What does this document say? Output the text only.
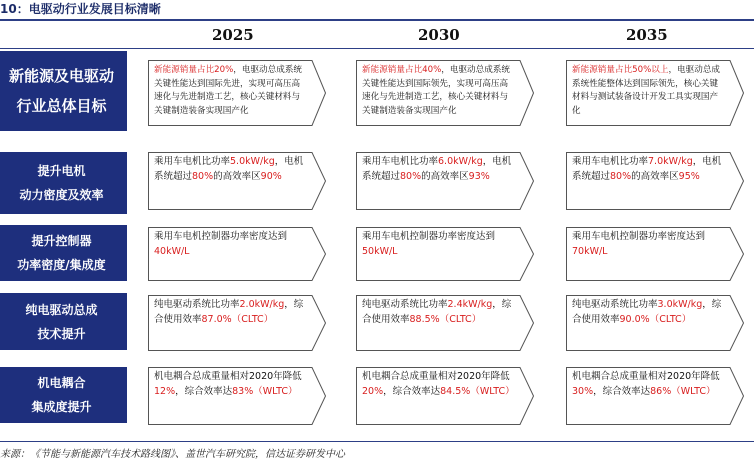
10：电驱动行业发展目标清晰
2025	2030	2035
新能源及电驱动
行业总体目标
提升电机
动力密度及效率
提升控制器
功率密度/集成度
纯电驱动总成
技术提升
机电耦合
集成度提升
新能源销量占比20%，电驱动总成系统关键性能达到国际先进，实现可高压高速化与先进制造工艺，核心关键材料与关键制造装备实现国产化
新能源销量占比40%，电驱动总成系统关键性能达到国际领先，实现可高压高速化与先进制造工艺，核心关键材料与关键制造装备实现国产化
新能源销量占比50%以上，电驱动总成系统性能整体达到国际领先，核心关键材料与测试装备设计开发工具实现国产化
乘用车电机比功率5.0kW/kg，电机系统超过80%的高效率区90%
乘用车电机比功率6.0kW/kg，电机系统超过80%的高效率区93%
乘用车电机比功率7.0kW/kg，电机系统超过80%的高效率区95%
乘用车电机控制器功率密度达到40kW/L
乘用车电机控制器功率密度达到50kW/L
乘用车电机控制器功率密度达到70kW/L
纯电驱动系统比功率2.0kW/kg，综合使用效率87.0%（CLTC）
纯电驱动系统比功率2.4kW/kg，综合使用效率88.5%（CLTC）
纯电驱动系统比功率3.0kW/kg，综合使用效率90.0%（CLTC）
机电耦合总成重量相对2020年降低12%，综合效率达83%（WLTC）
机电耦合总成重量相对2020年降低20%，综合效率达84.5%（WLTC）
机电耦合总成重量相对2020年降低30%，综合效率达86%（WLTC）
来源：《节能与新能源汽车技术路线图》、盖世汽车研究院，信达证券研发中心
